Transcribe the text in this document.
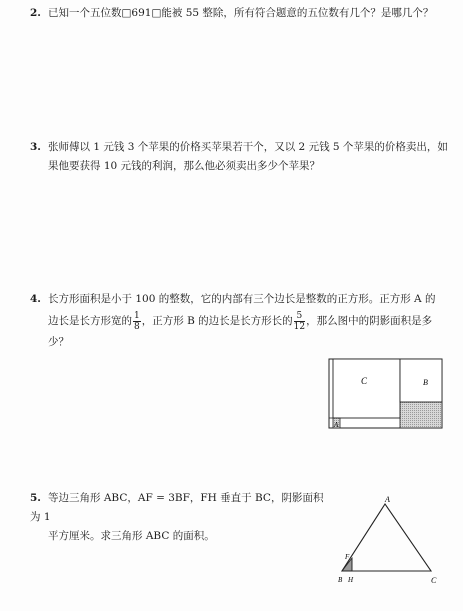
2. 已知一个五位数□691□能被 55 整除，所有符合题意的五位数有几个？是哪几个？
3. 张师傅以 1 元钱 3 个苹果的价格买苹果若干个，又以 2 元钱 5 个苹果的价格卖出，如
果他要获得 10 元钱的利润，那么他必须卖出多少个苹果？
4. 长方形面积是小于 100 的整数，它的内部有三个边长是整数的正方形。正方形 A 的
边长是长方形宽的 $\frac{1}{8}$ ，正方形 B 的边长是长方形长的 $\frac{5}{12}$ ，那么图中的阴影面积是多
少？
C	B
A
5. 等边三角形 ABC，AF = 3BF，FH 垂直于 BC，阴影面积为 1
平方厘米。求三角形 ABC 的面积。
A
F
B H	C
